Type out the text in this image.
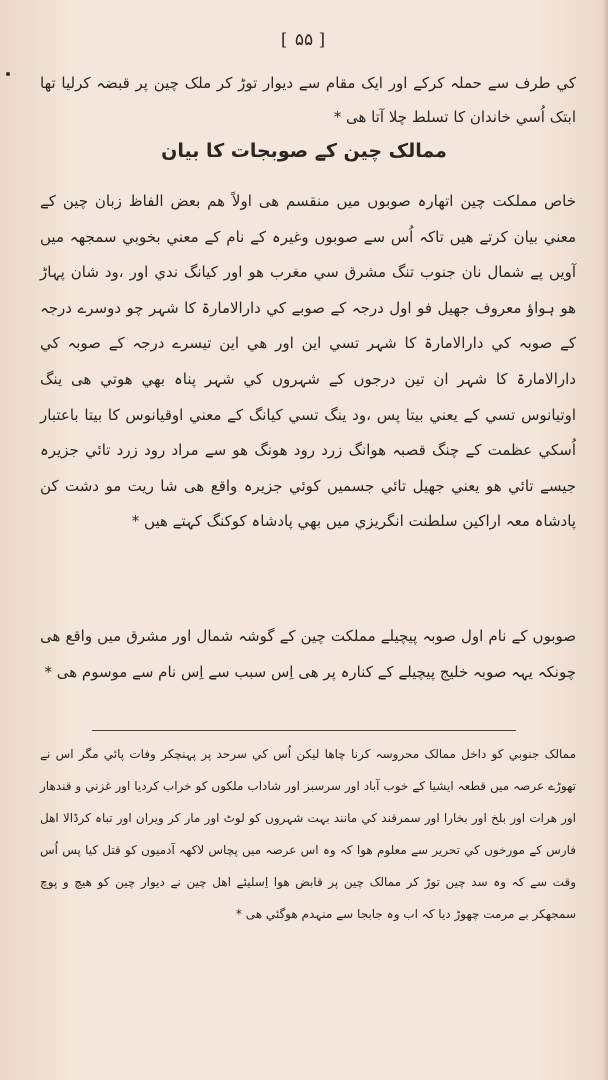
[ ۵۵ ]
کي طرف سے حملہ کرکے اور ایک مقام سے دیوار توڑ کر ملک چین پر قبضہ کرلیا تھا ابتک اُسي خاندان کا تسلط چلا آتا ھی *
ممالک چین کے صوبجات کا بیان
خاص مملکت چین اتھارہ صوبوں میں منقسم ھی اولاً ھم بعض الفاظ زبان چین کے معني بیان کرتے ھیں تاکہ اُس سے صوبوں وغیرہ کے نام کے معني بخوبي سمجھہ میں آویں پے شمال نان جنوب تنگ مشرق سي مغرب ھو اور کیانگ ندي اور ،ود شان پہاڑ ھو ہواؤ معروف جھیل فو اول درجہ کے صوبے کي دارالامارۃ کا شہر چو دوسرے درجہ کے صوبہ کي دارالامارۃ کا شہر تسي این اور ھي این تیسرے درجہ کے صوبہ کي دارالامارۃ کا شہر ان تین درجوں کے شہروں کي شہر پناہ بھي ھوتي ھی ینگ اوتیانوس تسي کے یعني بیتا پس ،ود ینگ تسي کیانگ کے معني اوقیانوس کا بیتا باعتبار اُسکي عظمت کے چنگ قصبہ ھوانگ زرد رود ھونگ ھو سے مراد رود زرد تائي جزیرہ جیسے تائي ھو یعني جھیل تائي جسمیں کوئي جزیرہ واقع ھی شا ریت مو دشت کن پادشاہ معہ اراکین سلطنت انگریزي میں بھي پادشاہ کوکنگ کہتے ھیں *
صوبوں کے نام اول صوبہ پیچیلے مملکت چین کے گوشہ شمال اور مشرق میں واقع ھی چونکہ یہہ صوبہ خلیج پیچیلے کے کنارہ پر ھی اِس سبب سے اِس نام سے موسوم ھی *
ممالک جنوبي کو داخل ممالک محروسہ کرنا چاھا لیکن اُس کي سرحد پر پہنچکر وفات پائي مگر اس نے تھوڑے عرصہ میں قطعہ ایشیا کے خوب آباد اور سرسبز اور شاداب ملکوں کو خراب کردیا اور غزني و قندھار اور ھرات اور بلخ اور بخارا اور سمرقند کي مانند بہت شہروں کو لوٹ اور مار کر ویران اور تباہ کرڈالا اھل فارس کے مورخوں کي تحریر سے معلوم ھوا کہ وہ اس عرصہ میں پچاس لاکھہ آدمیوں کو قتل کیا پس اُس وقت سے کہ وہ سد چین توڑ کر ممالک چین پر قابض ھوا اِسلیئے اھل چین نے دیوار چین کو ھیچ و پوچ سمجھکر بے مرمت چھوڑ دیا کہ اب وہ جابجا سے منہدم ھوگئي ھی *
